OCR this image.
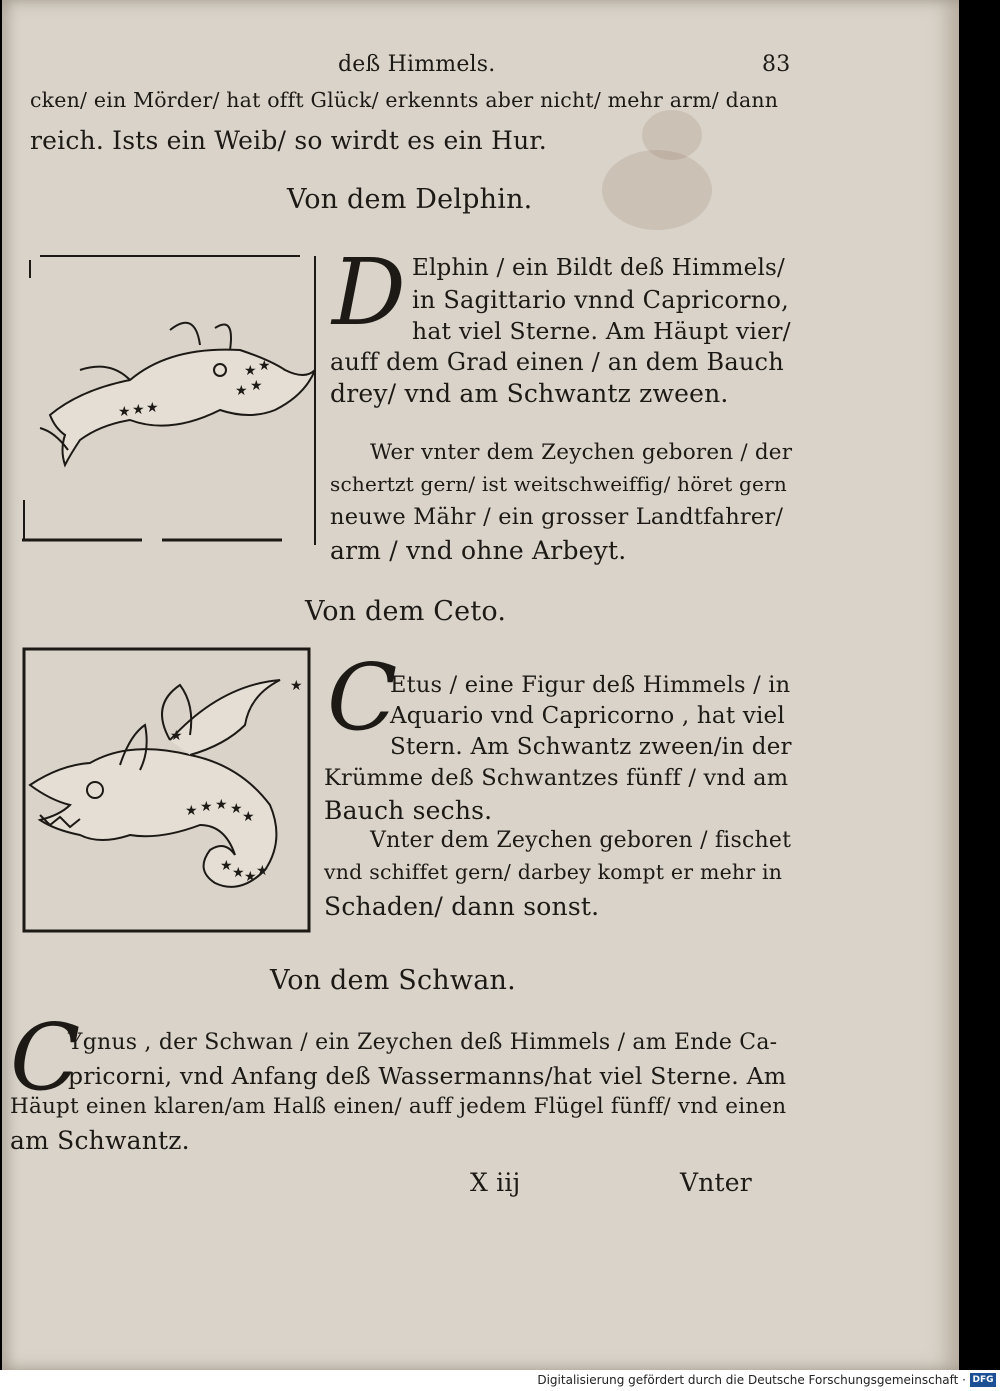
deß Himmels.	83
cken/ ein Mörder/ hat offt Glück/ erkennts aber nicht/ mehr arm/ dann
reich. Ists ein Weib/ so wirdt es ein Hur.
Von dem Delphin.
★ ★ ★
★ ★
★ ★
D Elphin / ein Bildt deß Himmels/
in Sagittario vnnd Capricorno,
hat viel Sterne. Am Häupt vier/
auff dem Grad einen / an dem Bauch
drey/ vnd am Schwantz zween.
Wer vnter dem Zeychen geboren / der
schertzt gern/ ist weitschweiffig/ höret gern
neuwe Mähr / ein grosser Landtfahrer/
arm / vnd ohne Arbeyt.
Von dem Ceto.
★
★
★ ★ ★ ★ ★
★ ★ ★ ★
C
Etus / eine Figur deß Himmels / in
Aquario vnd Capricorno , hat viel
Stern. Am Schwantz zween/in der
Krümme deß Schwantzes fünff / vnd am
Bauch sechs.
Vnter dem Zeychen geboren / fischet
vnd schiffet gern/ darbey kompt er mehr in
Schaden/ dann sonst.
Von dem Schwan.
C
Ygnus , der Schwan / ein Zeychen deß Himmels / am Ende Ca-
pricorni, vnd Anfang deß Wassermanns/hat viel Sterne. Am
Häupt einen klaren/am Halß einen/ auff jedem Flügel fünff/ vnd einen
am Schwantz.
X iij	Vnter
Digitalisierung gefördert durch die Deutsche Forschungsgemeinschaft · DFG
